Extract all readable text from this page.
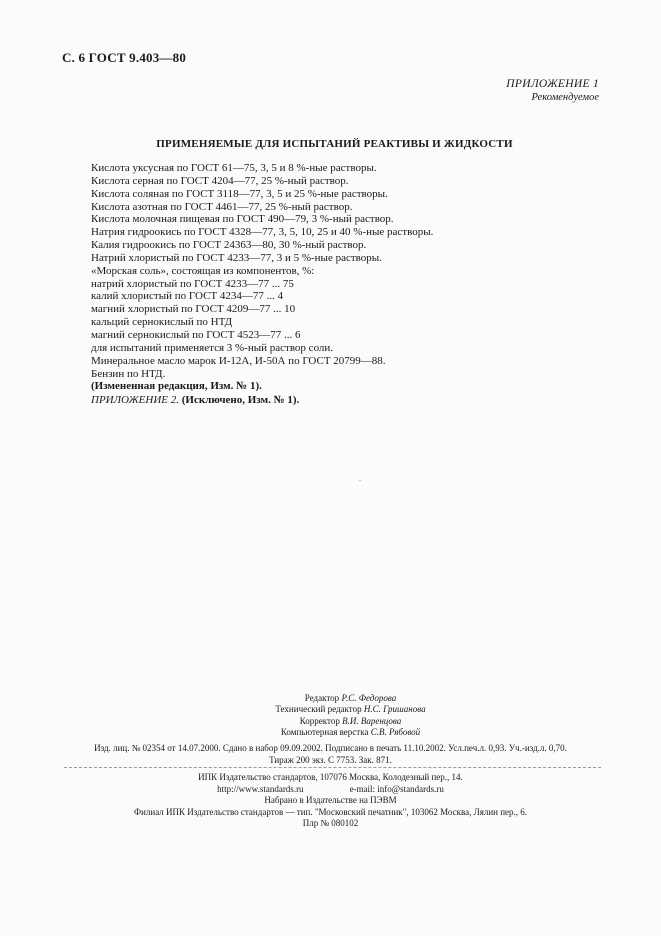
С. 6 ГОСТ 9.403—80
ПРИЛОЖЕНИЕ 1
Рекомендуемое
ПРИМЕНЯЕМЫЕ ДЛЯ ИСПЫТАНИЙ РЕАКТИВЫ И ЖИДКОСТИ
Кислота уксусная по ГОСТ 61—75, 3, 5 и 8 %-ные растворы.
Кислота серная по ГОСТ 4204—77, 25 %-ный раствор.
Кислота соляная по ГОСТ 3118—77, 3, 5 и 25 %-ные растворы.
Кислота азотная по ГОСТ 4461—77, 25 %-ный раствор.
Кислота молочная пищевая по ГОСТ 490—79, 3 %-ный раствор.
Натрия гидроокись по ГОСТ 4328—77, 3, 5, 10, 25 и 40 %-ные растворы.
Калия гидроокись по ГОСТ 24363—80, 30 %-ный раствор.
Натрий хлористый по ГОСТ 4233—77, 3 и 5 %-ные растворы.
«Морская соль», состоящая из компонентов, %:
натрий хлористый по ГОСТ 4233—77 ... 75
калий хлористый по ГОСТ 4234—77 ... 4
магний хлористый по ГОСТ 4209—77 ... 10
кальций сернокислый по НТД
магний сернокислый по ГОСТ 4523—77 ... 6
для испытаний применяется 3 %-ный раствор соли.
Минеральное масло марок И-12А, И-50А по ГОСТ 20799—88.
Бензин по НТД.
(Измененная редакция, Изм. № 1).
ПРИЛОЖЕНИЕ 2. (Исключено, Изм. № 1).
Редактор Р.С. Федорова
Технический редактор Н.С. Гришанова
Корректор В.И. Варенцова
Компьютерная верстка С.В. Рябовой
Изд. лиц. № 02354 от 14.07.2000. Сдано в набор 09.09.2002. Подписано в печать 11.10.2002. Усл.печ.л. 0,93. Уч.-изд.л. 0,70.
Тираж 200 экз. С 7753. Зак. 871.
ИПК Издательство стандартов, 107076 Москва, Колодезный пер., 14.
http://www.standards.ru	e-mail: info@standards.ru
Набрано в Издательстве на ПЭВМ
Филиал ИПК Издательство стандартов — тип. "Московский печатник", 103062 Москва, Лялин пер., 6.
Плр № 080102
